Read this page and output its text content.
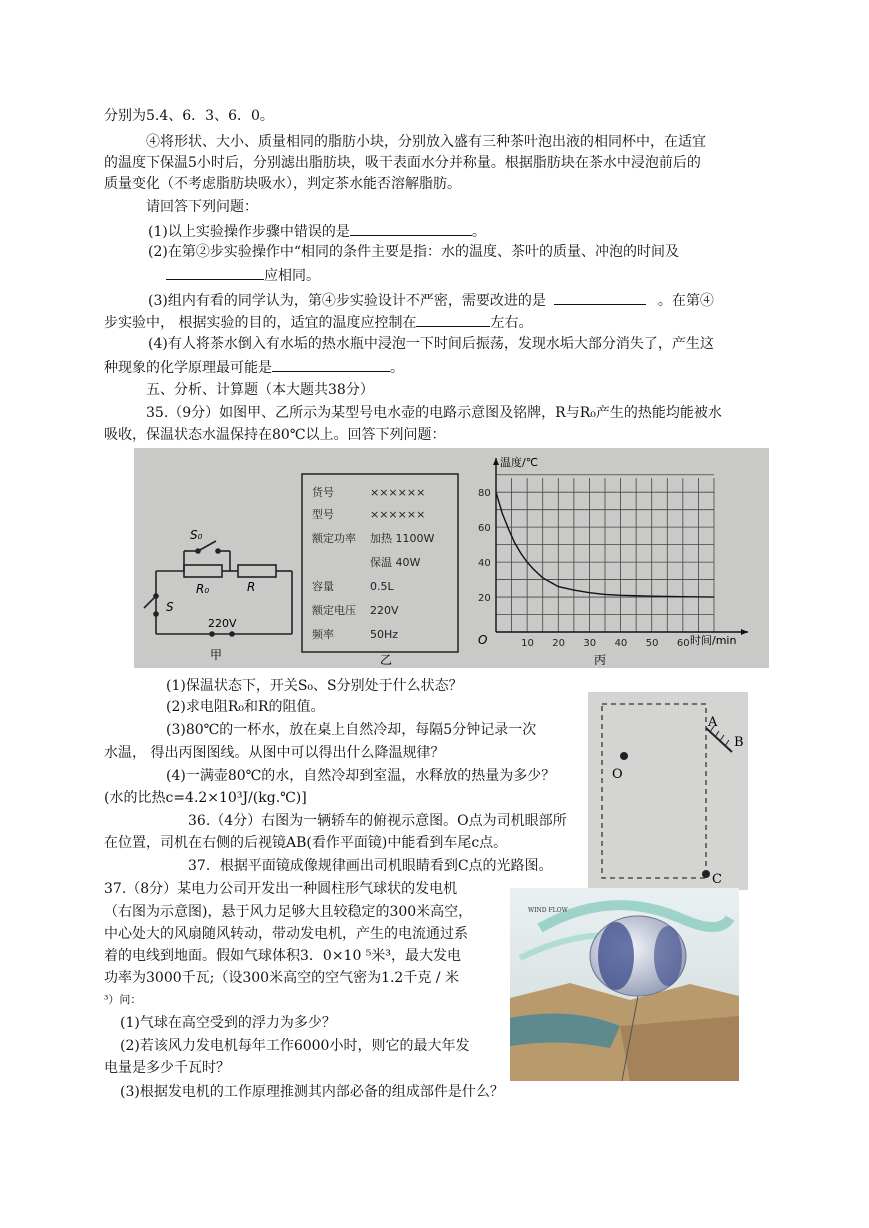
分别为5.4、6．3、6．0。
④将形状、大小、质量相同的脂肪小块，分别放入盛有三种茶叶泡出液的相同杯中，在适宜
的温度下保温5小时后，分别滤出脂肪块，吸干表面水分并称量。根据脂肪块在茶水中浸泡前后的
质量变化（不考虑脂肪块吸水），判定茶水能否溶解脂肪。
请回答下列问题：
(1)以上实验操作步骤中错误的是	。
(2)在第②步实验操作中“相同的条件主要是指：水的温度、茶叶的质量、冲泡的时间及
应相同。
(3)组内有看的同学认为，第④步实验设计不严密，需要改进的是	。在第④
步实验中， 根据实验的目的，适宜的温度应控制在	左右。
(4)有人将茶水倒入有水垢的热水瓶中浸泡一下时间后振荡，发现水垢大部分消失了，产生这
种现象的化学原理最可能是	。
五、分析、计算题（本大题共38分）
35.（9分）如图甲、乙所示为某型号电水壶的电路示意图及铭牌，R与R₀产生的热能均能被水
吸收，保温状态水温保持在80℃以上。回答下列问题：
S₀
R₀	R
S
220V
甲
货号	××××××
型号	××××××
额定功率 加热 1100W
保温 40W
容量	0.5L
额定电压 220V
频率	50Hz
乙
10 20 30 40 50 60
20
40
60
80
温度/℃
时间/min
O
丙
(1)保温状态下，开关S₀、S分别处于什么状态？
(2)求电阻R₀和R的阻值。
(3)80℃的一杯水，放在桌上自然冷却，每隔5分钟记录一次
水温， 得出丙图图线。从图中可以得出什么降温规律？
(4)一满壶80℃的水，自然冷却到室温，水释放的热量为多少？
(水的比热c=4.2×10³J/(kg.℃)]
A
B
O
C
36.（4分）右图为一辆轿车的俯视示意图。O点为司机眼部所
在位置，司机在右侧的后视镜AB(看作平面镜)中能看到车尾c点。
37．根据平面镜成像规律画出司机眼睛看到C点的光路图。
37.（8分）某电力公司开发出一种圆柱形气球状的发电机
（右图为示意图)，悬于风力足够大且较稳定的300米高空，
中心处大的风扇随风转动，带动发电机，产生的电流通过系
着的电线到地面。假如气球体积3．0×10 ⁵米³，最大发电
功率为3000千瓦;（设300米高空的空气密为1.2千克 / 米
³）问：
(1)气球在高空受到的浮力为多少？
(2)若该风力发电机每年工作6000小时，则它的最大年发
电量是多少千瓦时？
(3)根据发电机的工作原理推测其内部必备的组成部件是什么？
WIND FLOW
